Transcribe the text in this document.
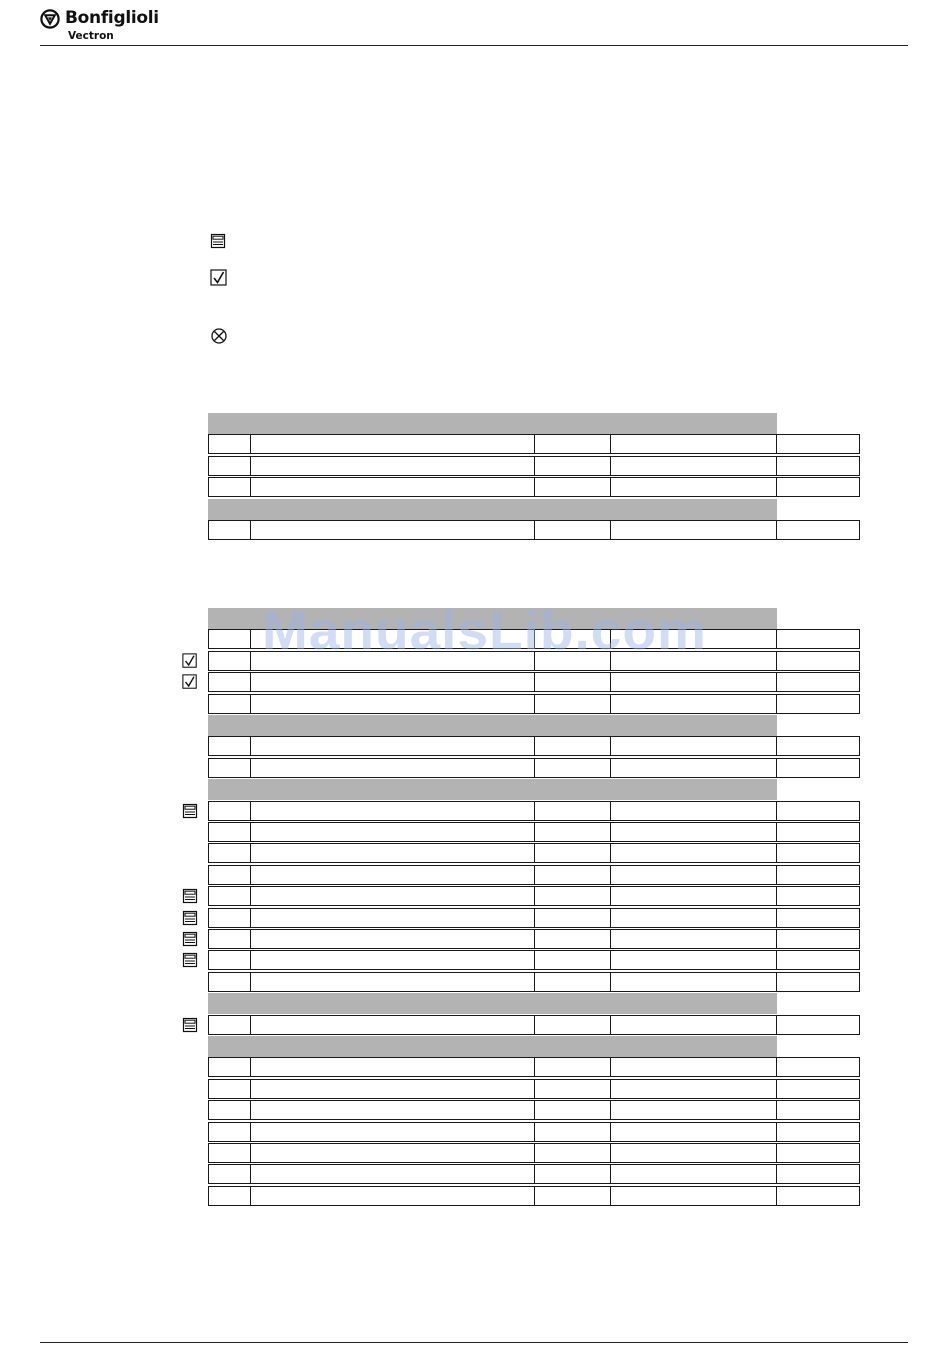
Bonfiglioli
Vectron
ManualsLib.com
